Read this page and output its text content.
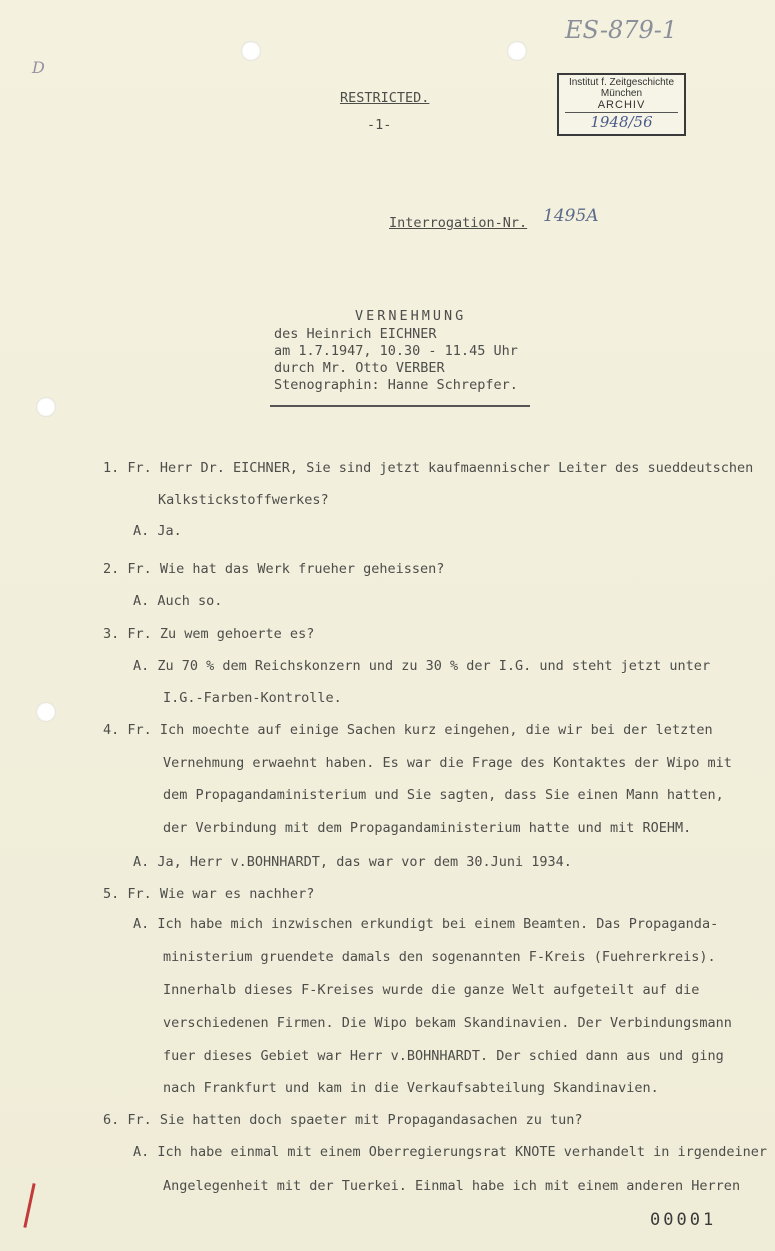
ES-879-1
D
Institut f. Zeitgeschichte
München
ARCHIV
1948/56
RESTRICTED.
-1-
Interrogation-Nr. 1495A
VERNEHMUNG
des Heinrich EICHNER
am 1.7.1947, 10.30 - 11.45 Uhr
durch Mr. Otto VERBER
Stenographin: Hanne Schrepfer.
1. Fr. Herr Dr. EICHNER, Sie sind jetzt kaufmaennischer Leiter des sueddeutschen
Kalkstickstoffwerkes?
A. Ja.
2. Fr. Wie hat das Werk frueher geheissen?
A. Auch so.
3. Fr. Zu wem gehoerte es?
A. Zu 70 % dem Reichskonzern und zu 30 % der I.G. und steht jetzt unter
I.G.-Farben-Kontrolle.
4. Fr. Ich moechte auf einige Sachen kurz eingehen, die wir bei der letzten
Vernehmung erwaehnt haben. Es war die Frage des Kontaktes der Wipo mit
dem Propagandaministerium und Sie sagten, dass Sie einen Mann hatten,
der Verbindung mit dem Propagandaministerium hatte und mit ROEHM.
A. Ja, Herr v.BOHNHARDT, das war vor dem 30.Juni 1934.
5. Fr. Wie war es nachher?
A. Ich habe mich inzwischen erkundigt bei einem Beamten. Das Propaganda-
ministerium gruendete damals den sogenannten F-Kreis (Fuehrerkreis).
Innerhalb dieses F-Kreises wurde die ganze Welt aufgeteilt auf die
verschiedenen Firmen. Die Wipo bekam Skandinavien. Der Verbindungsmann
fuer dieses Gebiet war Herr v.BOHNHARDT. Der schied dann aus und ging
nach Frankfurt und kam in die Verkaufsabteilung Skandinavien.
6. Fr. Sie hatten doch spaeter mit Propagandasachen zu tun?
A. Ich habe einmal mit einem Oberregierungsrat KNOTE verhandelt in irgendeiner
Angelegenheit mit der Tuerkei. Einmal habe ich mit einem anderen Herren
00001
